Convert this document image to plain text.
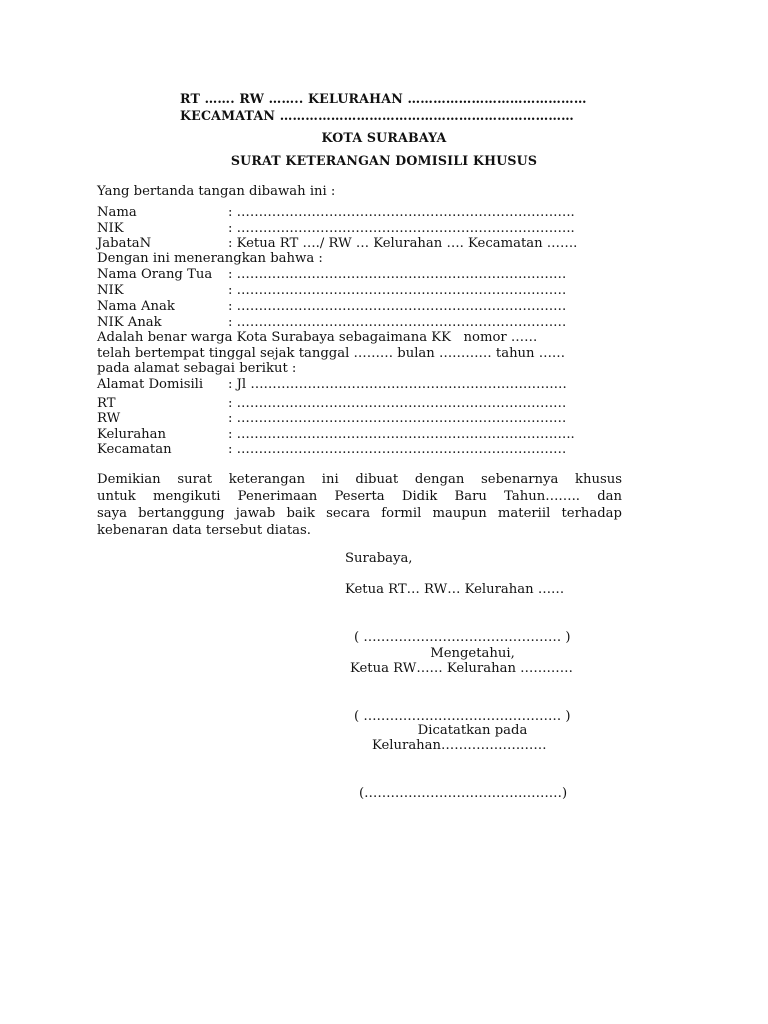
RT ……. RW …….. KELURAHAN ……………………………………
KECAMATAN ……………………………………………………………
KOTA SURABAYA
SURAT KETERANGAN DOMISILI KHUSUS
Yang bertanda tangan dibawah ini :
Nama	: …………………………………………………………………..
NIK	: …………………………………………………………………..
JabataN	: Ketua RT …./ RW … Kelurahan …. Kecamatan …….
Dengan ini menerangkan bahwa :
Nama Orang Tua : …………………………………………………………………
NIK	: …………………………………………………………………
Nama Anak	: …………………………………………………………………
NIK Anak	: …………………………………………………………………
Adalah benar warga Kota Surabaya sebagaimana KK   nomor ……
telah bertempat tinggal sejak tanggal ……… bulan ………… tahun ……
pada alamat sebagai berikut :
Alamat Domisili : Jl ………………………………………………………………
RT	: …………………………………………………………………
RW	: …………………………………………………………………
Kelurahan	: …………………………………………………………………..
Kecamatan	: …………………………………………………………………
Demikian surat keterangan ini dibuat dengan sebenarnya khusus
untuk mengikuti Penerimaan Peserta Didik Baru Tahun…….. dan
saya bertanggung jawab baik secara formil maupun materiil terhadap
kebenaran data tersebut diatas.
Surabaya,
Ketua RT… RW… Kelurahan ……
( ……………………………………… )
Mengetahui,
Ketua RW…… Kelurahan …………
( ……………………………………… )
Dicatatkan pada
Kelurahan……………………
(………………………………………)
